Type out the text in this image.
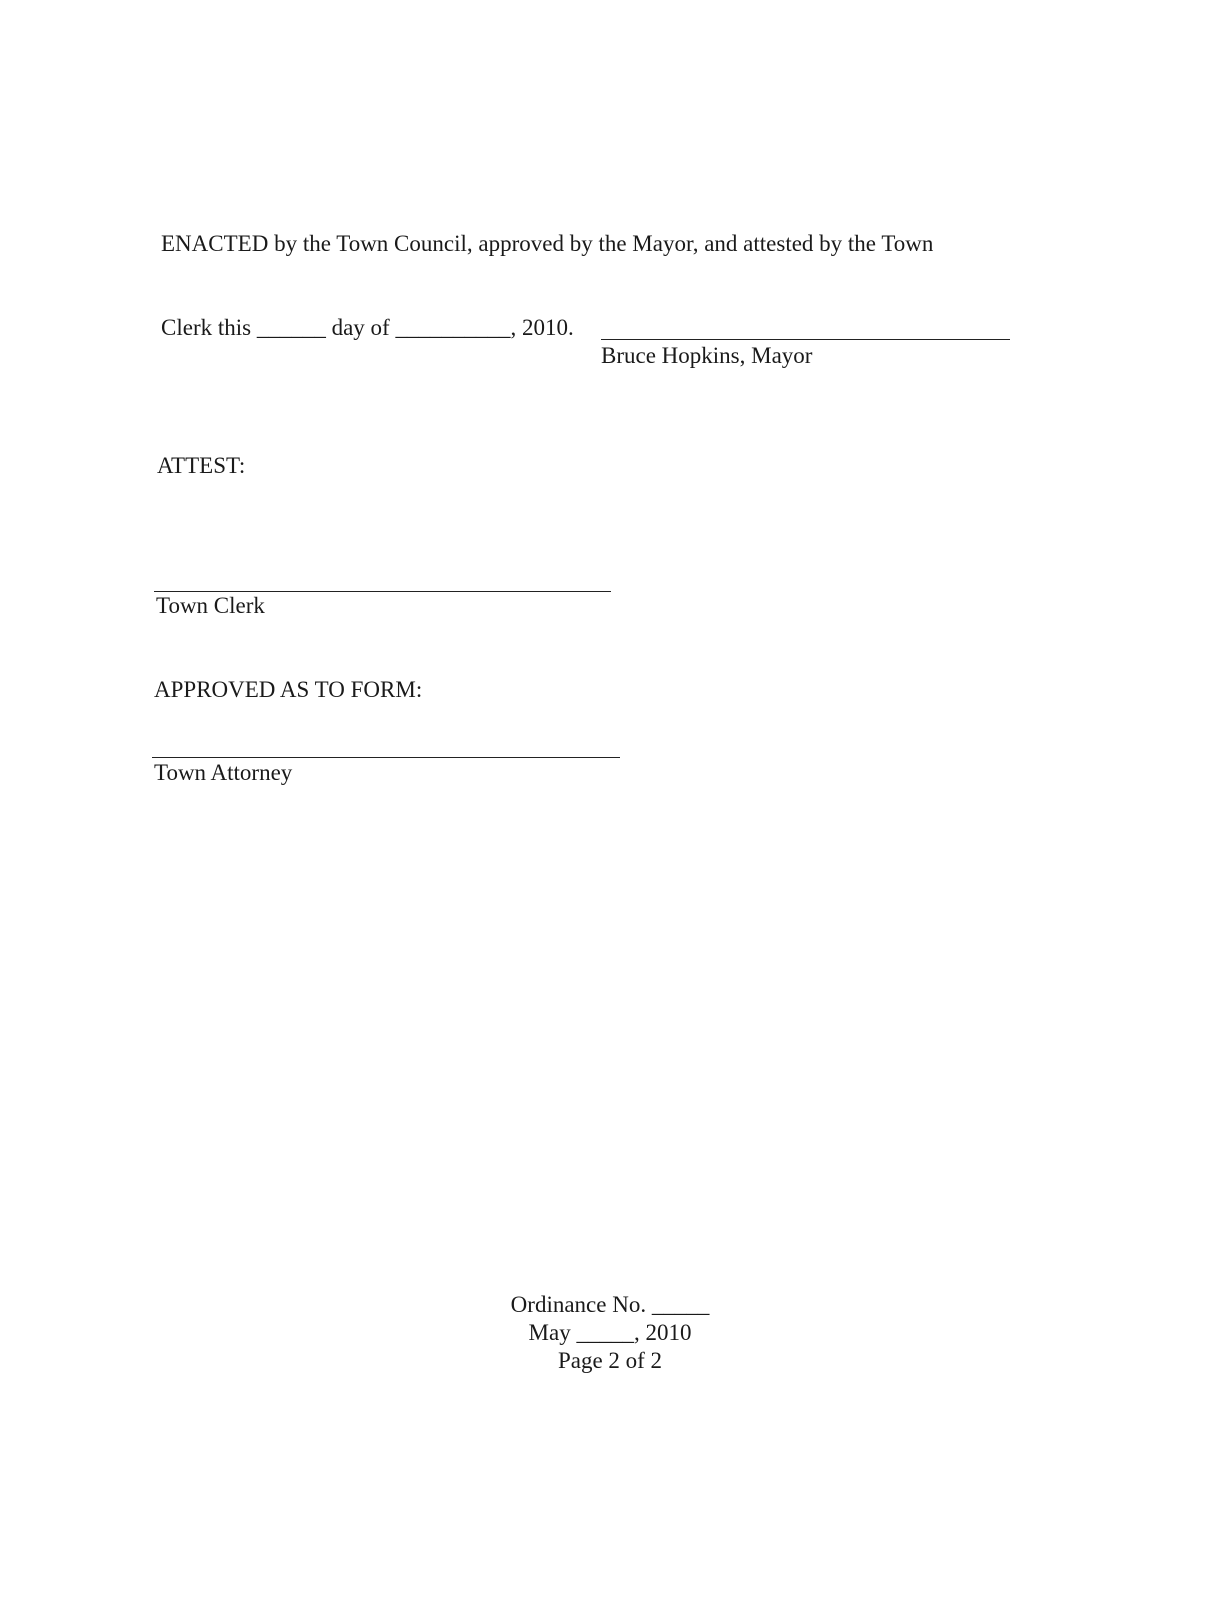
ENACTED by the Town Council, approved by the Mayor, and attested by the Town

Clerk this ______ day of __________, 2010.

Bruce Hopkins, Mayor
ATTEST:
Town Clerk
APPROVED AS TO FORM:
Town Attorney
Ordinance No. _____
May _____, 2010
Page 2 of 2
